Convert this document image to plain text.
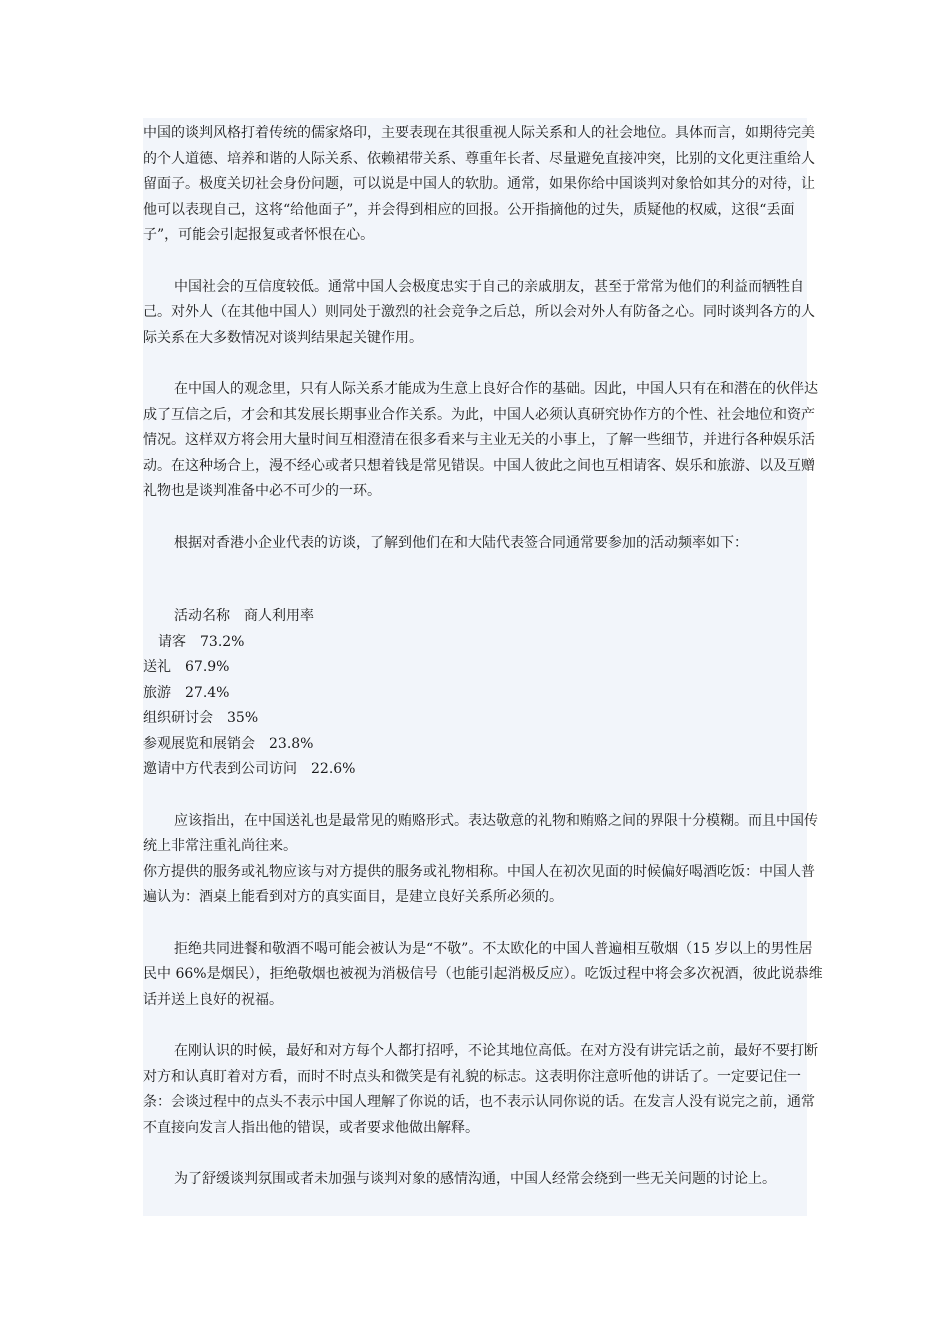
中国的谈判风格打着传统的儒家烙印，主要表现在其很重视人际关系和人的社会地位。具体而言，如期待完美的个人道德、培养和谐的人际关系、依赖裙带关系、尊重年长者、尽量避免直接冲突，比别的文化更注重给人留面子。极度关切社会身份问题，可以说是中国人的软肋。通常，如果你给中国谈判对象恰如其分的对待，让他可以表现自己，这将“给他面子”，并会得到相应的回报。公开指摘他的过失，质疑他的权威，这很“丢面子”，可能会引起报复或者怀恨在心。

中国社会的互信度较低。通常中国人会极度忠实于自己的亲戚朋友，甚至于常常为他们的利益而牺牲自己。对外人（在其他中国人）则同处于激烈的社会竞争之后总，所以会对外人有防备之心。同时谈判各方的人际关系在大多数情况对谈判结果起关键作用。

在中国人的观念里，只有人际关系才能成为生意上良好合作的基础。因此，中国人只有在和潜在的伙伴达成了互信之后，才会和其发展长期事业合作关系。为此，中国人必须认真研究协作方的个性、社会地位和资产情况。这样双方将会用大量时间互相澄清在很多看来与主业无关的小事上，了解一些细节，并进行各种娱乐活动。在这种场合上，漫不经心或者只想着钱是常见错误。中国人彼此之间也互相请客、娱乐和旅游、以及互赠礼物也是谈判准备中必不可少的一环。

根据对香港小企业代表的访谈，了解到他们在和大陆代表签合同通常要参加的活动频率如下：

活动名称 商人利用率
请客 73.2%
送礼 67.9%
旅游 27.4%
组织研讨会 35%
参观展览和展销会 23.8%
邀请中方代表到公司访问 22.6%

应该指出，在中国送礼也是最常见的贿赂形式。表达敬意的礼物和贿赂之间的界限十分模糊。而且中国传统上非常注重礼尚往来。

你方提供的服务或礼物应该与对方提供的服务或礼物相称。中国人在初次见面的时候偏好喝酒吃饭：中国人普遍认为：酒桌上能看到对方的真实面目，是建立良好关系所必须的。

拒绝共同进餐和敬酒不喝可能会被认为是“不敬”。不太欧化的中国人普遍相互敬烟（15 岁以上的男性居民中 66%是烟民），拒绝敬烟也被视为消极信号（也能引起消极反应）。吃饭过程中将会多次祝酒，彼此说恭维话并送上良好的祝福。

在刚认识的时候，最好和对方每个人都打招呼，不论其地位高低。在对方没有讲完话之前，最好不要打断对方和认真盯着对方看，而时不时点头和微笑是有礼貌的标志。这表明你注意听他的讲话了。一定要记住一条：会谈过程中的点头不表示中国人理解了你说的话，也不表示认同你说的话。在发言人没有说完之前，通常不直接向发言人指出他的错误，或者要求他做出解释。

为了舒缓谈判氛围或者未加强与谈判对象的感情沟通，中国人经常会绕到一些无关问题的讨论上。
